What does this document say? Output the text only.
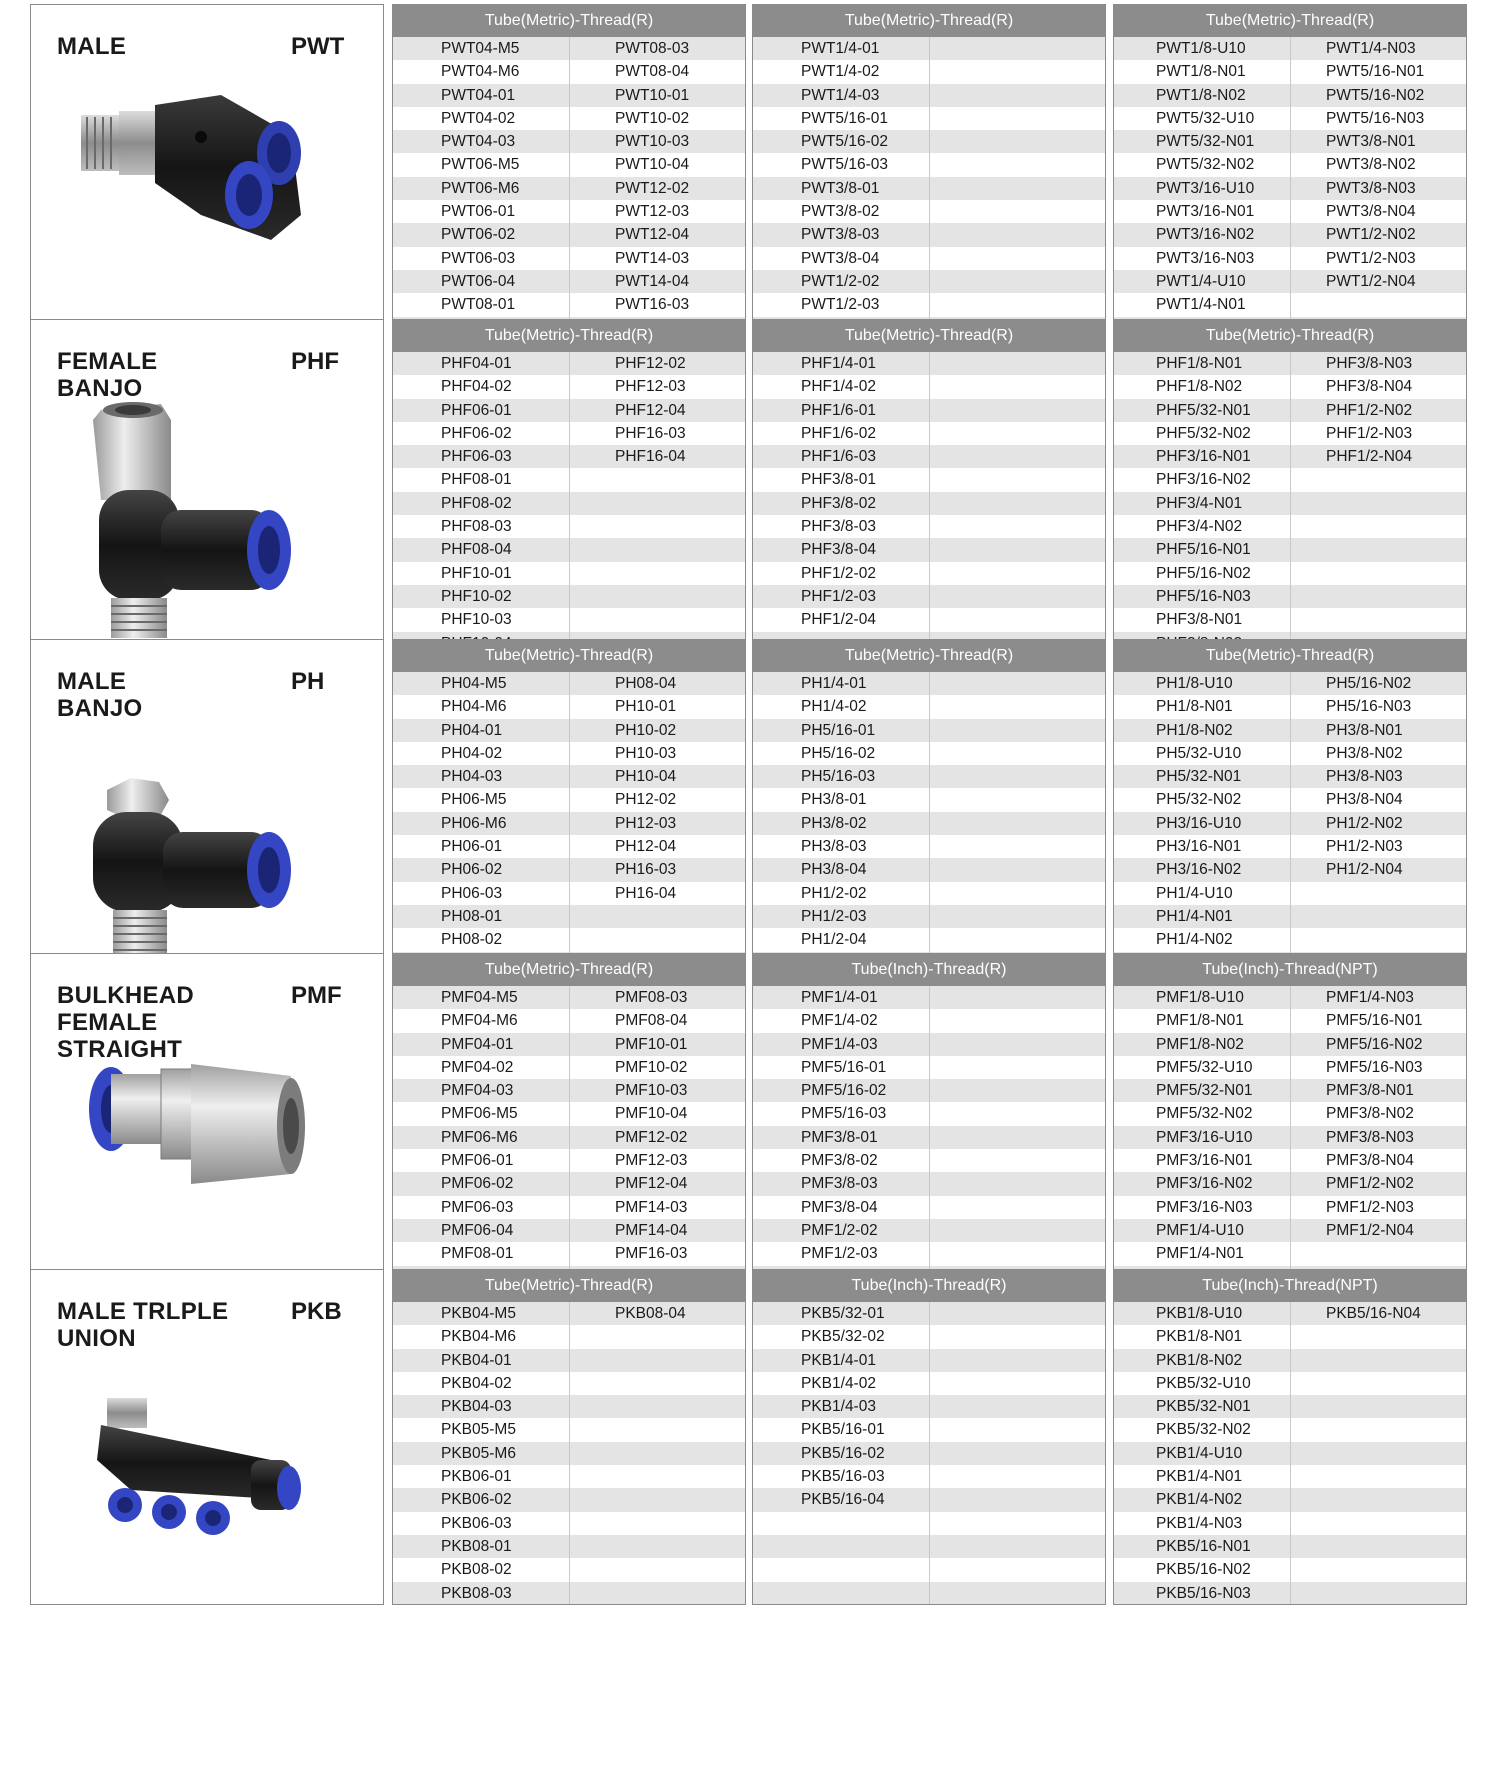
MALE	PWT
Tube(Metric)-Thread(R)
PWT04-M5	PWT08-03
PWT04-M6	PWT08-04
PWT04-01	PWT10-01
PWT04-02	PWT10-02
PWT04-03	PWT10-03
PWT06-M5	PWT10-04
PWT06-M6	PWT12-02
PWT06-01	PWT12-03
PWT06-02	PWT12-04
PWT06-03	PWT14-03
PWT06-04	PWT14-04
PWT08-01	PWT16-03
Tube(Metric)-Thread(R)
PWT1/4-01
PWT1/4-02
PWT1/4-03
PWT5/16-01
PWT5/16-02
PWT5/16-03
PWT3/8-01
PWT3/8-02
PWT3/8-03
PWT3/8-04
PWT1/2-02
PWT1/2-03
Tube(Metric)-Thread(R)
PWT1/8-U10	PWT1/4-N03
PWT1/8-N01	PWT5/16-N01
PWT1/8-N02	PWT5/16-N02
PWT5/32-U10	PWT5/16-N03
PWT5/32-N01	PWT3/8-N01
PWT5/32-N02	PWT3/8-N02
PWT3/16-U10	PWT3/8-N03
PWT3/16-N01	PWT3/8-N04
PWT3/16-N02	PWT1/2-N02
PWT3/16-N03	PWT1/2-N03
PWT1/4-U10	PWT1/2-N04
PWT1/4-N01
FEMALE
BANJO
PHF
Tube(Metric)-Thread(R)
PHF04-01	PHF12-02
PHF04-02	PHF12-03
PHF06-01	PHF12-04
PHF06-02	PHF16-03
PHF06-03	PHF16-04
PHF08-01
PHF08-02
PHF08-03
PHF08-04
PHF10-01
PHF10-02
PHF10-03
Tube(Metric)-Thread(R)
PHF1/4-01
PHF1/4-02
PHF1/6-01
PHF1/6-02
PHF1/6-03
PHF3/8-01
PHF3/8-02
PHF3/8-03
PHF3/8-04
PHF1/2-02
PHF1/2-03
PHF1/2-04
Tube(Metric)-Thread(R)
PHF1/8-N01	PHF3/8-N03
PHF1/8-N02	PHF3/8-N04
PHF5/32-N01	PHF1/2-N02
PHF5/32-N02	PHF1/2-N03
PHF3/16-N01	PHF1/2-N04
PHF3/16-N02
PHF3/4-N01
PHF3/4-N02
PHF5/16-N01
PHF5/16-N02
PHF5/16-N03
PHF3/8-N01
MALE
BANJO
PH
Tube(Metric)-Thread(R)
PH04-M5	PH08-04
PH04-M6	PH10-01
PH04-01	PH10-02
PH04-02	PH10-03
PH04-03	PH10-04
PH06-M5	PH12-02
PH06-M6	PH12-03
PH06-01	PH12-04
PH06-02	PH16-03
PH06-03	PH16-04
PH08-01
PH08-02
Tube(Metric)-Thread(R)
PH1/4-01
PH1/4-02
PH5/16-01
PH5/16-02
PH5/16-03
PH3/8-01
PH3/8-02
PH3/8-03
PH3/8-04
PH1/2-02
PH1/2-03
PH1/2-04
Tube(Metric)-Thread(R)
PH1/8-U10	PH5/16-N02
PH1/8-N01	PH5/16-N03
PH1/8-N02	PH3/8-N01
PH5/32-U10	PH3/8-N02
PH5/32-N01	PH3/8-N03
PH5/32-N02	PH3/8-N04
PH3/16-U10	PH1/2-N02
PH3/16-N01	PH1/2-N03
PH3/16-N02	PH1/2-N04
PH1/4-U10
PH1/4-N01
PH1/4-N02
BULKHEAD
FEMALE
STRAIGHT
PMF
Tube(Metric)-Thread(R)
PMF04-M5	PMF08-03
PMF04-M6	PMF08-04
PMF04-01	PMF10-01
PMF04-02	PMF10-02
PMF04-03	PMF10-03
PMF06-M5	PMF10-04
PMF06-M6	PMF12-02
PMF06-01	PMF12-03
PMF06-02	PMF12-04
PMF06-03	PMF14-03
PMF06-04	PMF14-04
PMF08-01	PMF16-03
Tube(Inch)-Thread(R)
PMF1/4-01
PMF1/4-02
PMF1/4-03
PMF5/16-01
PMF5/16-02
PMF5/16-03
PMF3/8-01
PMF3/8-02
PMF3/8-03
PMF3/8-04
PMF1/2-02
PMF1/2-03
Tube(Inch)-Thread(NPT)
PMF1/8-U10	PMF1/4-N03
PMF1/8-N01	PMF5/16-N01
PMF1/8-N02	PMF5/16-N02
PMF5/32-U10	PMF5/16-N03
PMF5/32-N01	PMF3/8-N01
PMF5/32-N02	PMF3/8-N02
PMF3/16-U10	PMF3/8-N03
PMF3/16-N01	PMF3/8-N04
PMF3/16-N02	PMF1/2-N02
PMF3/16-N03	PMF1/2-N03
PMF1/4-U10	PMF1/2-N04
PMF1/4-N01
MALE TRLPLE
UNION
PKB
Tube(Metric)-Thread(R)
PKB04-M5	PKB08-04
PKB04-M6
PKB04-01
PKB04-02
PKB04-03
PKB05-M5
PKB05-M6
PKB06-01
PKB06-02
PKB06-03
PKB08-01
PKB08-02
PKB08-03
Tube(Inch)-Thread(R)
PKB5/32-01
PKB5/32-02
PKB1/4-01
PKB1/4-02
PKB1/4-03
PKB5/16-01
PKB5/16-02
PKB5/16-03
PKB5/16-04
Tube(Inch)-Thread(NPT)
PKB1/8-U10	PKB5/16-N04
PKB1/8-N01
PKB1/8-N02
PKB5/32-U10
PKB5/32-N01
PKB5/32-N02
PKB1/4-U10
PKB1/4-N01
PKB1/4-N02
PKB1/4-N03
PKB5/16-N01
PKB5/16-N02
PKB5/16-N03
